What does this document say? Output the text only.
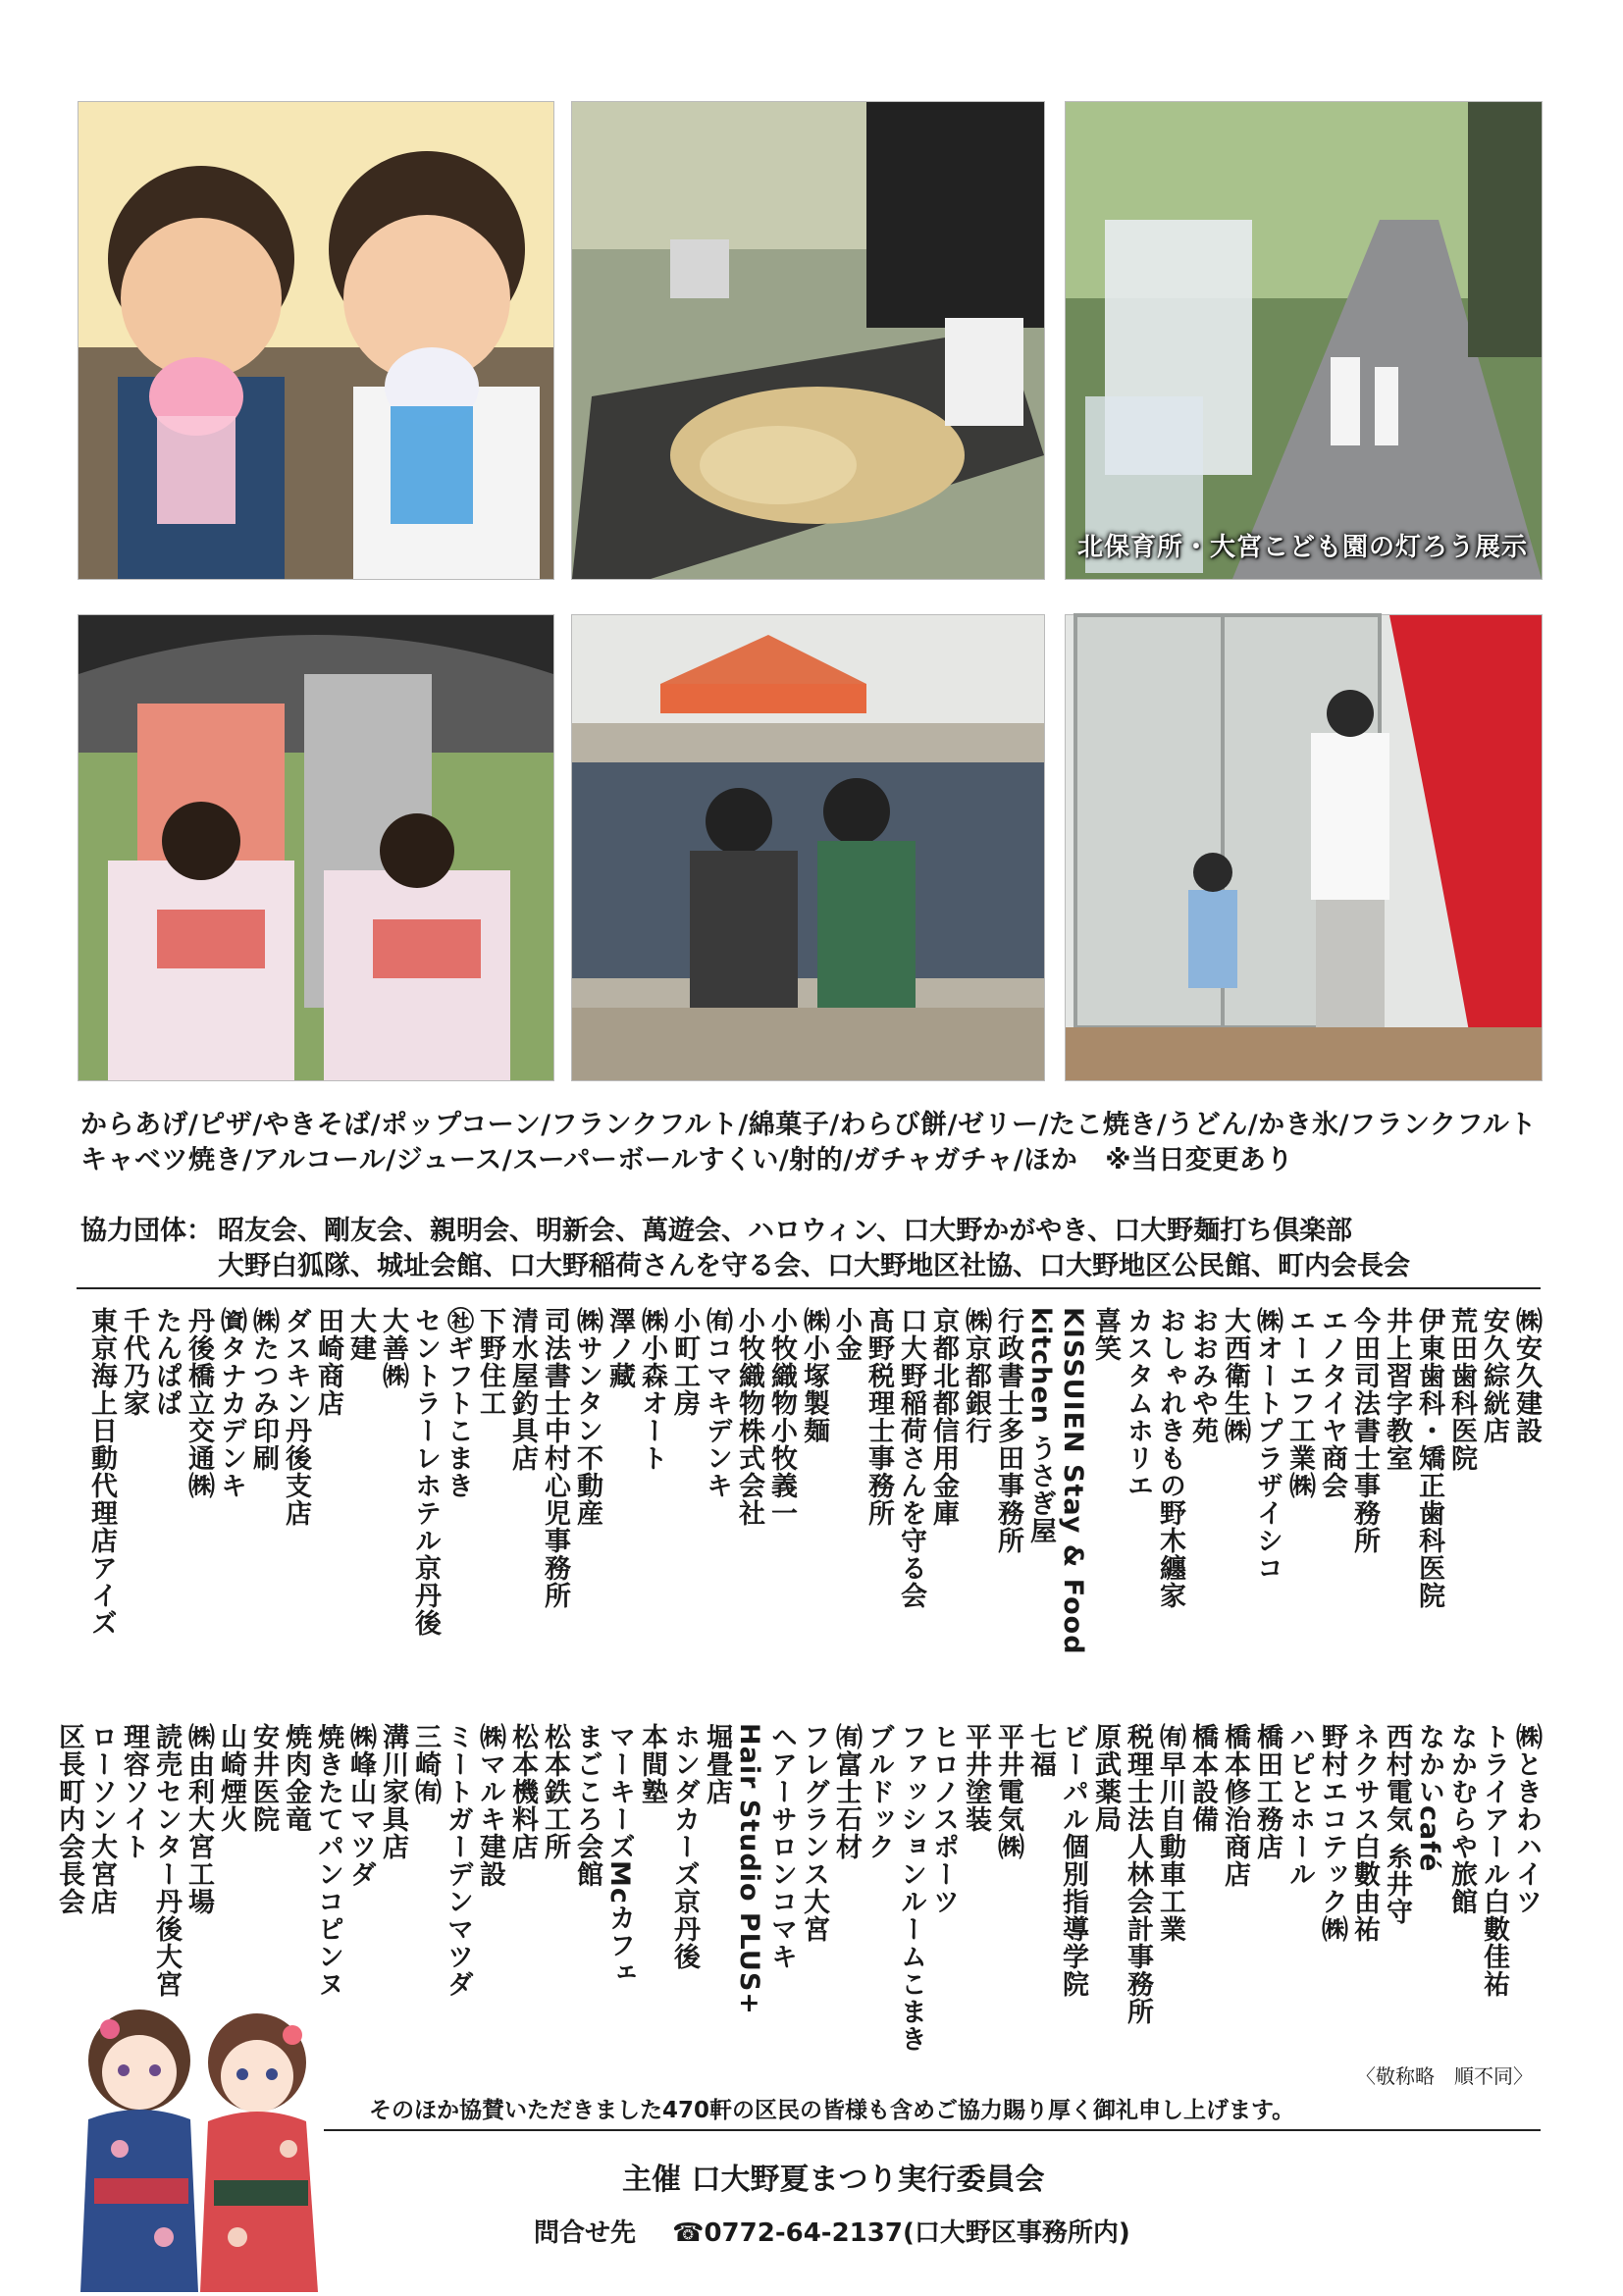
北保育所・大宮こども園の灯ろう展示
からあげ/ピザ/やきそば/ポップコーン/フランクフルト/綿菓子/わらび餅/ゼリー/たこ焼き/うどん/かき氷/フランクフルト
キャベツ焼き/アルコール/ジュース/スーパーボールすくい/射的/ガチャガチャ/ほか ※当日変更あり
協力団体： 昭友会、剛友会、親明会、明新会、萬遊会、ハロウィン、口大野かがやき、口大野麺打ち倶楽部
大野白狐隊、城址会館、口大野稲荷さんを守る会、口大野地区社協、口大野地区公民館、町内会長会
㈱安久建設
安久綜絖店
荒田歯科医院
伊東歯科・矯正歯科医院
井上習字教室
今田司法書士事務所
エノタイヤ商会
エーエフ工業㈱
㈱オートプラザイシコ
大西衛生㈱
おおみや苑
おしゃれきもの野木纏家
カスタムホリエ
喜笑
KISSUIEN Stay & Food
kitchen うさぎ屋
行政書士多田事務所
㈱京都銀行
京都北都信用金庫
口大野稲荷さんを守る会
髙野税理士事務所
小金
㈱小塚製麺
小牧織物小牧義一
小牧織物株式会社
㈲コマキデンキ
小町工房
㈱小森オート
澤ノ藏
㈱サンタン不動産
司法書士中村心児事務所
清水屋釣具店
下野住工
㊓ギフトこまき
セントラーレホテル京丹後
大善㈱
大建
田崎商店
ダスキン丹後支店
㈱たつみ印刷
㈾タナカデンキ
丹後橋立交通㈱
たんぱぱ
千代乃家
東京海上日動代理店アイズ
㈱ときわハイツ
トライアール白數佳祐
なかむらや旅館
なかいcafé
西村電気 糸井守
ネクサス白數由祐
野村エコテック㈱
ハピとホール
橋田工務店
橋本修治商店
橋本設備
㈲早川自動車工業
税理士法人林会計事務所
原武薬局
ビーパル個別指導学院
七福
平井電気㈱
平井塗装
ヒロノスポーツ
ファッションルームこまき
ブルドック
㈲富士石材
フレグランス大宮
ヘアーサロンコマキ
Hair Studio PLUS+
堀畳店
ホンダカーズ京丹後
本間塾
マーキーズMcカフェ
まごころ会館
松本鉄工所
松本機料店
㈱マルキ建設
ミートガーデンマツダ
三崎㈲
溝川家具店
㈱峰山マツダ
焼きたてパンコピンヌ
焼肉金竜
安井医院
山崎煙火
㈱由利大宮工場
読売センター丹後大宮
理容ソイト
ローソン大宮店
区長町内会長会
〈敬称略　順不同〉
そのほか協賛いただきました470軒の区民の皆様も含めご協力賜り厚く御礼申し上げます。
主催 口大野夏まつり実行委員会
問合せ先 ☎0772-64-2137(口大野区事務所内)
